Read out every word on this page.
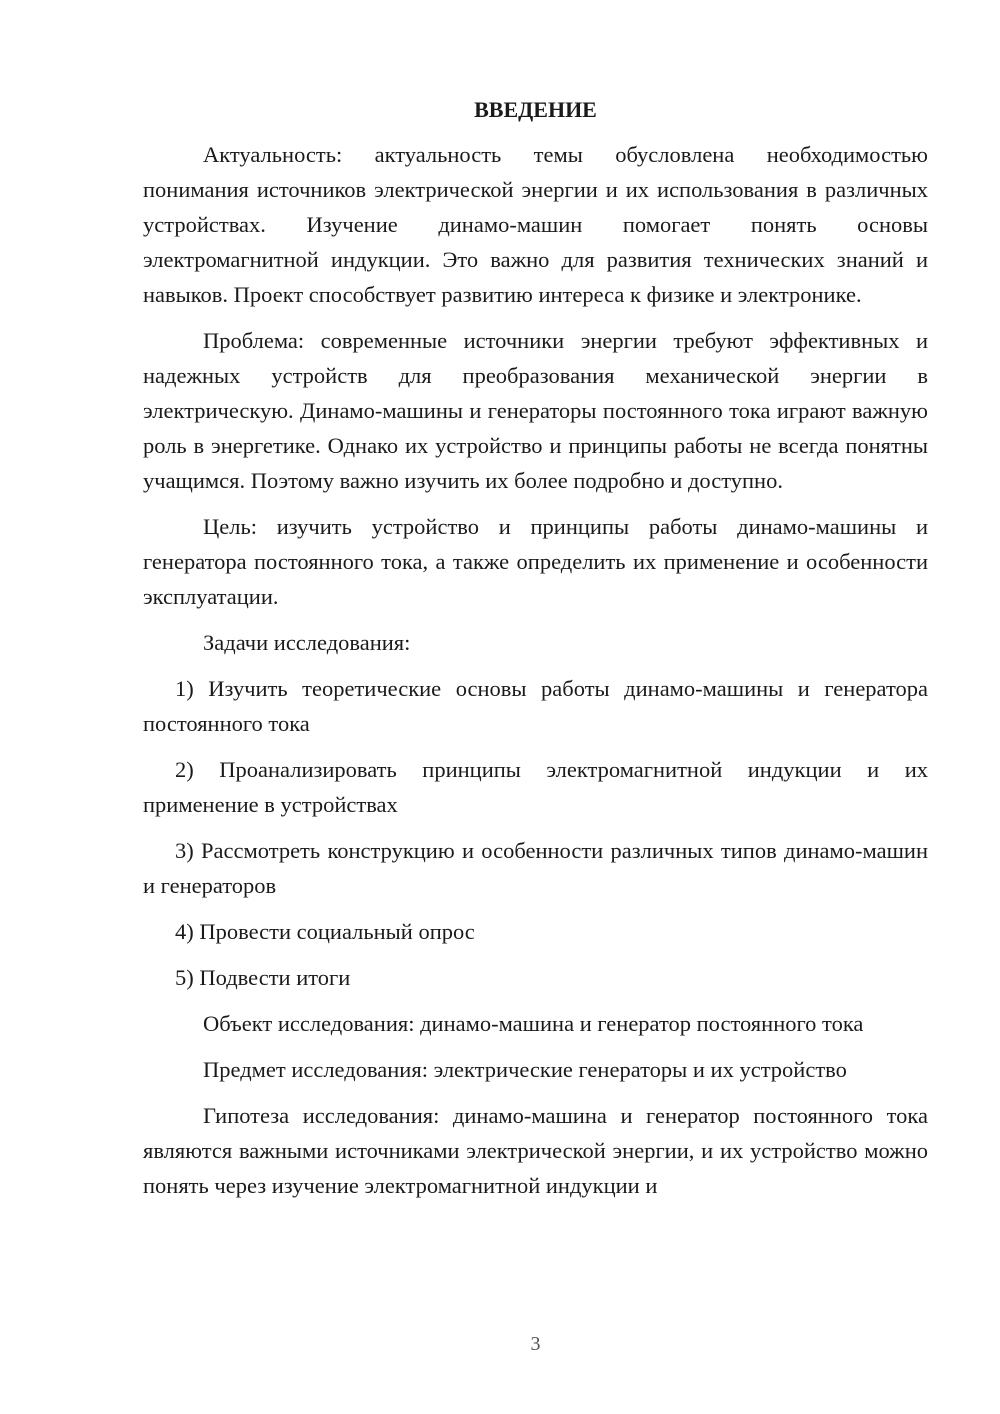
ВВЕДЕНИЕ

Актуальность: актуальность темы обусловлена необходимостью понимания источников электрической энергии и их использования в различных устройствах. Изучение динамо-машин помогает понять основы электромагнитной индукции. Это важно для развития технических знаний и навыков. Проект способствует развитию интереса к физике и электронике.

Проблема: современные источники энергии требуют эффективных и надежных устройств для преобразования механической энергии в электрическую. Динамо-машины и генераторы постоянного тока играют важную роль в энергетике. Однако их устройство и принципы работы не всегда понятны учащимся. Поэтому важно изучить их более подробно и доступно.

Цель: изучить устройство и принципы работы динамо-машины и генератора постоянного тока, а также определить их применение и особенности эксплуатации.

Задачи исследования:

1) Изучить теоретические основы работы динамо-машины и генератора постоянного тока

2) Проанализировать принципы электромагнитной индукции и их применение в устройствах

3) Рассмотреть конструкцию и особенности различных типов динамо-машин и генераторов

4) Провести социальный опрос

5) Подвести итоги

Объект исследования: динамо-машина и генератор постоянного тока

Предмет исследования: электрические генераторы и их устройство

Гипотеза исследования: динамо-машина и генератор постоянного тока являются важными источниками электрической энергии, и их устройство можно понять через изучение электромагнитной индукции и

3
